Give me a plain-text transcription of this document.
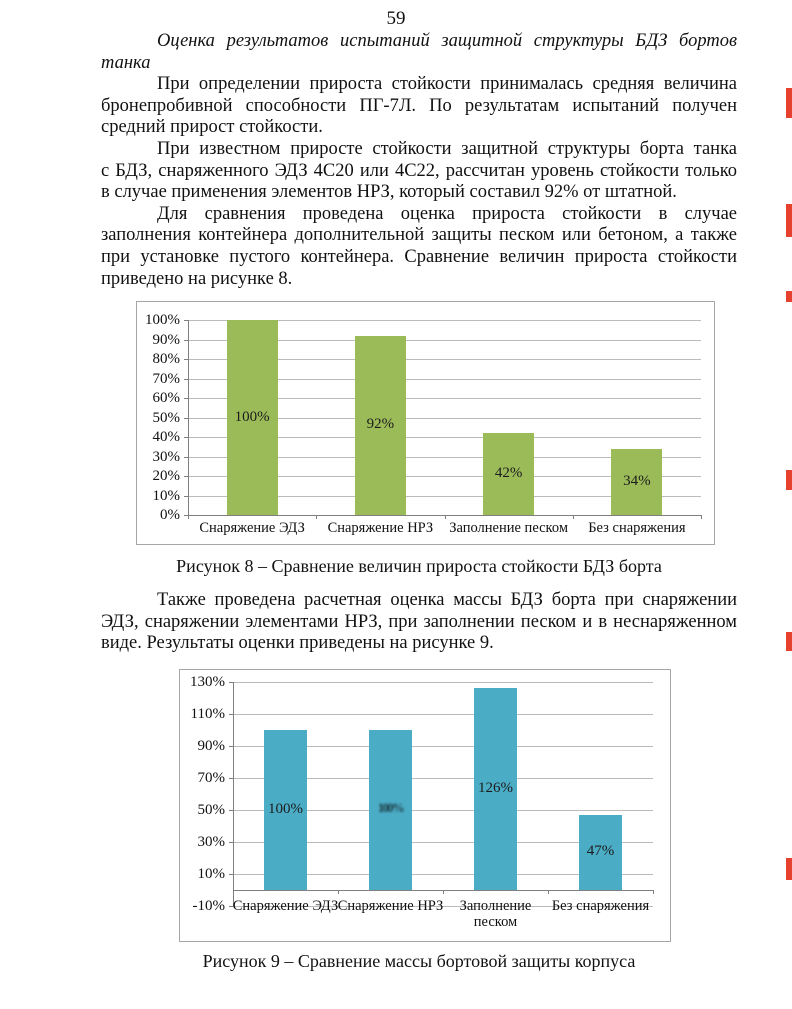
59
Оценка результатов испытаний защитной структуры БДЗ бортов
танка
При определении прироста стойкости принималась средняя величина
бронепробивной способности ПГ-7Л. По результатам испытаний получен
средний прирост стойкости.
При известном приросте стойкости защитной структуры борта танка
с БДЗ, снаряженного ЭДЗ 4С20 или 4С22, рассчитан уровень стойкости только
в случае применения элементов НРЗ, который составил 92% от штатной.
Для сравнения проведена оценка прироста стойкости в случае
заполнения контейнера дополнительной защиты песком или бетоном, а также
при установке пустого контейнера. Сравнение величин прироста стойкости
приведено на рисунке 8.
100%
90%
80%
70%
60%
50%
40%
30%
20%
10%
0%
100%
Снаряжение ЭДЗ
92%
Снаряжение НРЗ
42%
Заполнение песком
34%
Без снаряжения
Рисунок 8 – Сравнение величин прироста стойкости БДЗ борта
Также проведена расчетная оценка массы БДЗ борта при снаряжении
ЭДЗ, снаряжении элементами НРЗ, при заполнении песком и в неснаряженном
виде. Результаты оценки приведены на рисунке 9.
130%
110%
90%
70%
50%
30%
10%
-10%
100%
Снаряжение ЭДЗ
100%
Снаряжение НРЗ
126%
Заполнение песком
47%
Без снаряжения
Рисунок 9 – Сравнение массы бортовой защиты корпуса
